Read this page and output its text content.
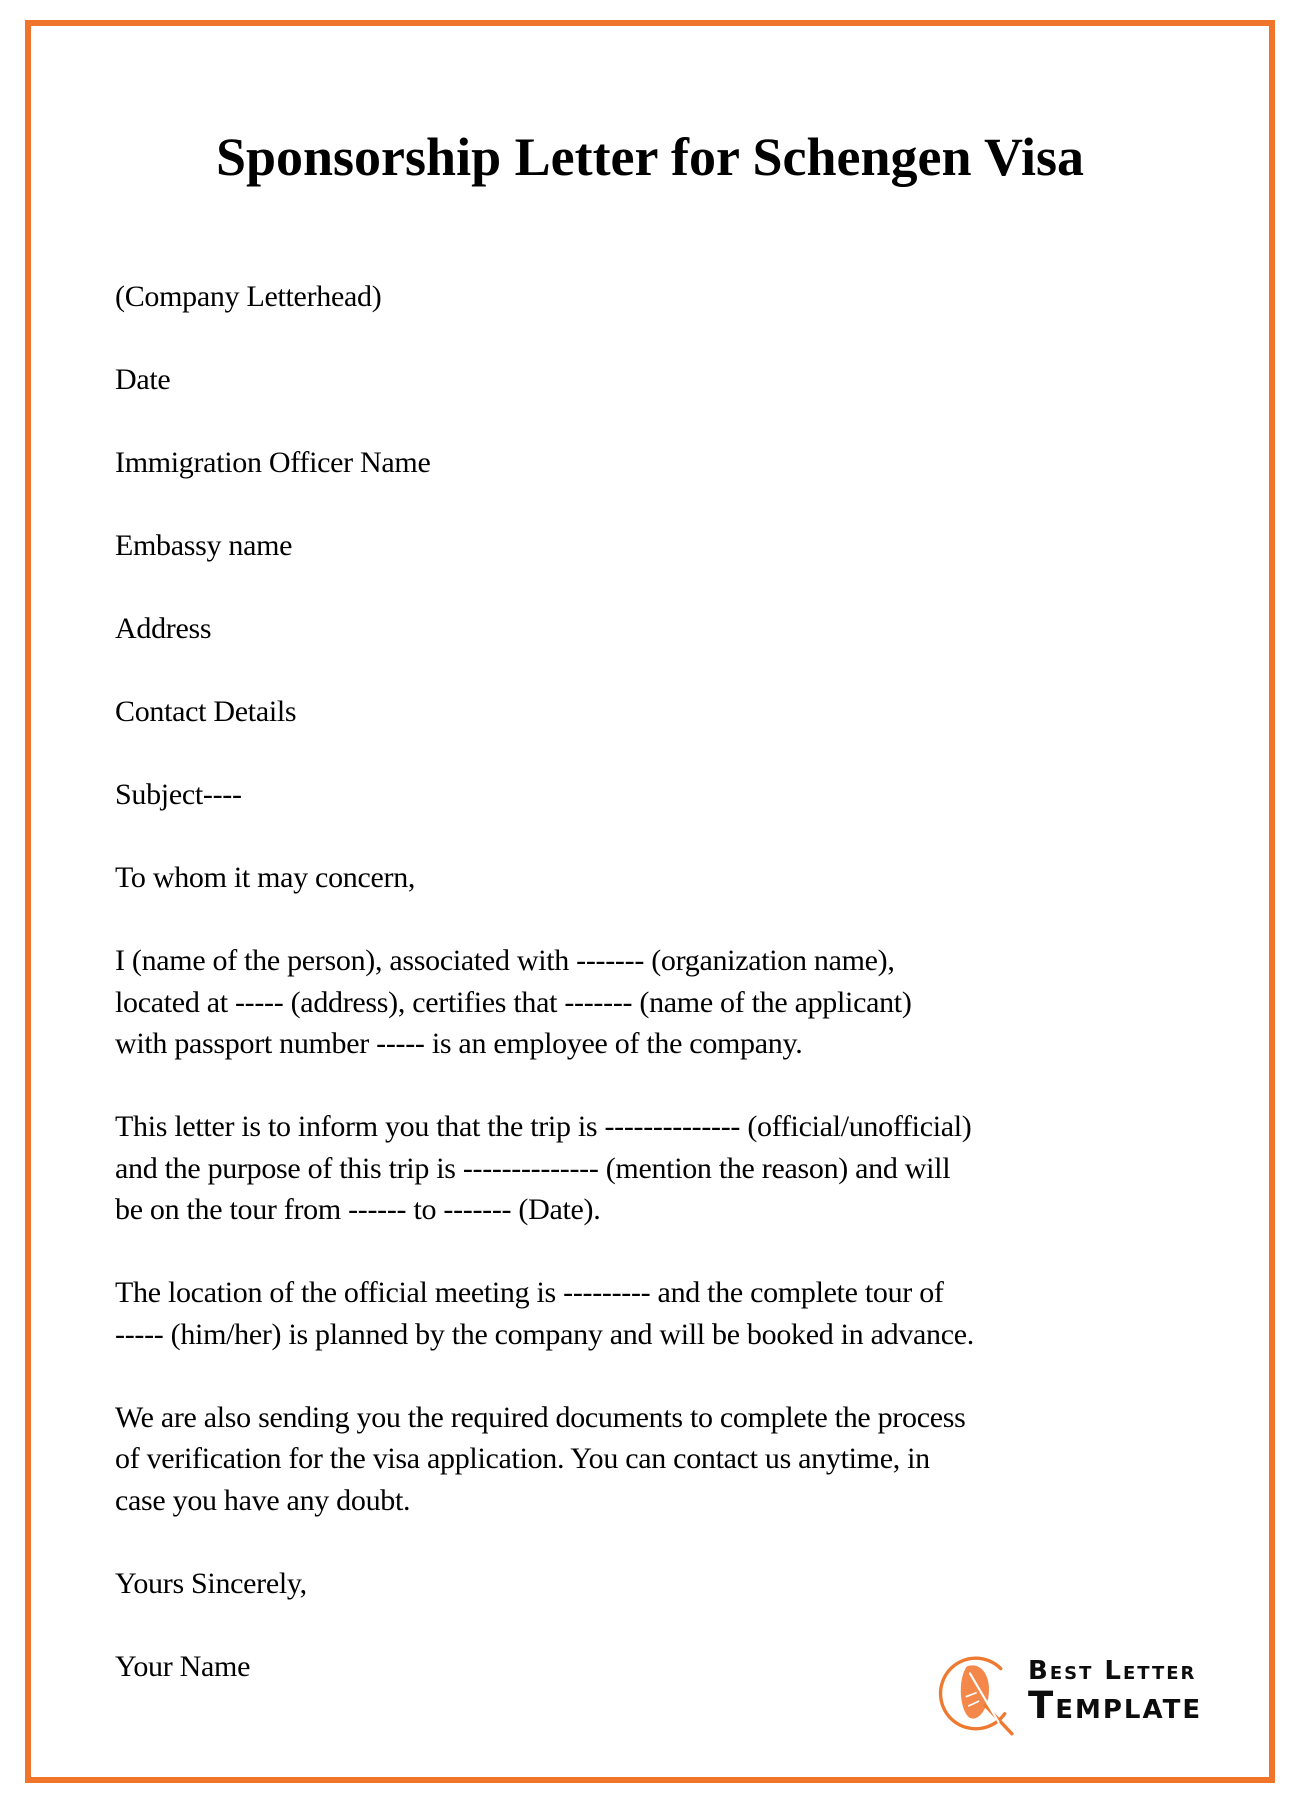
Sponsorship Letter for Schengen Visa
(Company Letterhead)
Date
Immigration Officer Name
Embassy name
Address
Contact Details
Subject----
To whom it may concern,
I (name of the person), associated with ------- (organization name),
located at ----- (address), certifies that ------- (name of the applicant)
with passport number ----- is an employee of the company.
This letter is to inform you that the trip is -------------- (official/unofficial)
and the purpose of this trip is -------------- (mention the reason) and will
be on the tour from ------ to ------- (Date).
The location of the official meeting is --------- and the complete tour of
----- (him/her) is planned by the company and will be booked in advance.
We are also sending you the required documents to complete the process
of verification for the visa application. You can contact us anytime, in
case you have any doubt.
Yours Sincerely,
Your Name	Best Letter
Template
